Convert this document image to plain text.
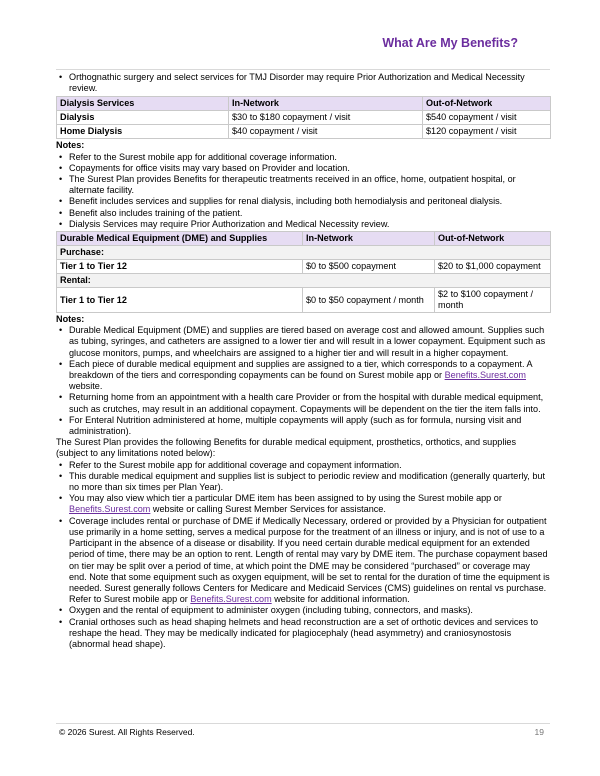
What Are My Benefits?
• Orthognathic surgery and select services for TMJ Disorder may require Prior Authorization and Medical Necessity review.
Dialysis Services	In-Network	Out-of-Network
Dialysis	$30 to $180 copayment / visit	$540 copayment / visit
Home Dialysis	$40 copayment / visit	$120 copayment / visit
Notes:
• Refer to the Surest mobile app for additional coverage information.
• Copayments for office visits may vary based on Provider and location.
• The Surest Plan provides Benefits for therapeutic treatments received in an office, home, outpatient hospital, or alternate facility.
• Benefit includes services and supplies for renal dialysis, including both hemodialysis and peritoneal dialysis.
• Benefit also includes training of the patient.
• Dialysis Services may require Prior Authorization and Medical Necessity review.
Durable Medical Equipment (DME) and Supplies	In-Network	Out-of-Network
Purchase:		
Tier 1 to Tier 12	$0 to $500 copayment	$20 to $1,000 copayment
Rental:		
Tier 1 to Tier 12	$0 to $50 copayment / month	$2 to $100 copayment / month
Notes:
• Durable Medical Equipment (DME) and supplies are tiered based on average cost and allowed amount. Supplies such as tubing, syringes, and catheters are assigned to a lower tier and will result in a lower copayment. Equipment such as glucose monitors, pumps, and wheelchairs are assigned to a higher tier and will result in a higher copayment.
• Each piece of durable medical equipment and supplies are assigned to a tier, which corresponds to a copayment. A breakdown of the tiers and corresponding copayments can be found on Surest mobile app or Benefits.Surest.com website.
• Returning home from an appointment with a health care Provider or from the hospital with durable medical equipment, such as crutches, may result in an additional copayment. Copayments will be dependent on the tier the item falls into.
• For Enteral Nutrition administered at home, multiple copayments will apply (such as for formula, nursing visit and administration).
The Surest Plan provides the following Benefits for durable medical equipment, prosthetics, orthotics, and supplies (subject to any limitations noted below):
• Refer to the Surest mobile app for additional coverage and copayment information.
• This durable medical equipment and supplies list is subject to periodic review and modification (generally quarterly, but no more than six times per Plan Year).
• You may also view which tier a particular DME item has been assigned to by using the Surest mobile app or Benefits.Surest.com website or calling Surest Member Services for assistance.
• Coverage includes rental or purchase of DME if Medically Necessary, ordered or provided by a Physician for outpatient use primarily in a home setting, serves a medical purpose for the treatment of an illness or injury, and is not of use to a Participant in the absence of a disease or disability. If you need certain durable medical equipment for an extended period of time, there may be an option to rent. Length of rental may vary by DME item. The purchase copayment based on tier may be split over a period of time, at which point the DME may be considered “purchased” or coverage may end. Note that some equipment such as oxygen equipment, will be set to rental for the duration of time the equipment is needed. Surest generally follows Centers for Medicare and Medicaid Services (CMS) guidelines on rental vs purchase. Refer to Surest mobile app or Benefits.Surest.com website for additional information.
• Oxygen and the rental of equipment to administer oxygen (including tubing, connectors, and masks).
• Cranial orthoses such as head shaping helmets and head reconstruction are a set of orthotic devices and services to reshape the head. They may be medically indicated for plagiocephaly (head asymmetry) and craniosynostosis (abnormal head shape).
© 2026 Surest. All Rights Reserved.	19
